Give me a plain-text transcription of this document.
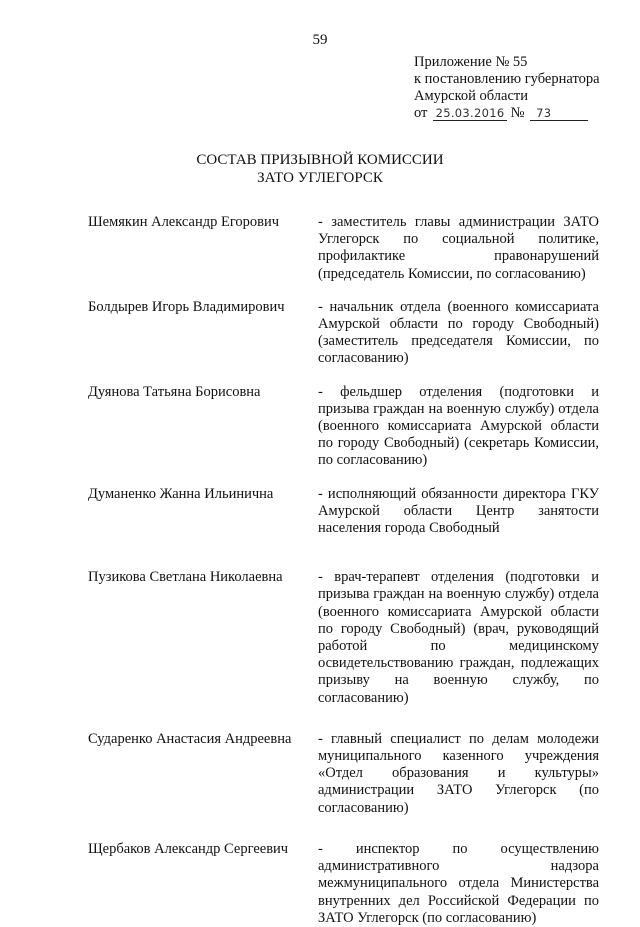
59
Приложение № 55
к постановлению губернатора
Амурской области
от 25.03.2016 № 73
СОСТАВ ПРИЗЫВНОЙ КОМИССИИ
ЗАТО УГЛЕГОРСК
Шемякин Александр Егорович	- заместитель главы администрации ЗАТО Углегорск по социальной политике, профилактике правонарушений (председатель Комиссии, по согласованию)
Болдырев Игорь Владимирович	- начальник отдела (военного комиссариата Амурской области по городу Свободный) (заместитель председателя Комиссии, по согласованию)
Дуянова Татьяна Борисовна	- фельдшер отделения (подготовки и призыва граждан на военную службу) отдела (военного комиссариата Амурской области по городу Свободный) (секретарь Комиссии, по согласованию)
Думаненко Жанна Ильинична	- исполняющий обязанности директора ГКУ Амурской области Центр занятости населения города Свободный
Пузикова Светлана Николаевна	- врач-терапевт отделения (подготовки и призыва граждан на военную службу) отдела (военного комиссариата Амурской области по городу Свободный) (врач, руководящий работой по медицинскому освидетельствованию граждан, подлежащих призыву на военную службу, по согласованию)
Сударенко Анастасия Андреевна	- главный специалист по делам молодежи муниципального казенного учреждения «Отдел образования и культуры» администрации ЗАТО Углегорск (по согласованию)
Щербаков Александр Сергеевич	- инспектор по осуществлению административного надзора межмуниципального отдела Министерства внутренних дел Российской Федерации по ЗАТО Углегорск (по согласованию)
